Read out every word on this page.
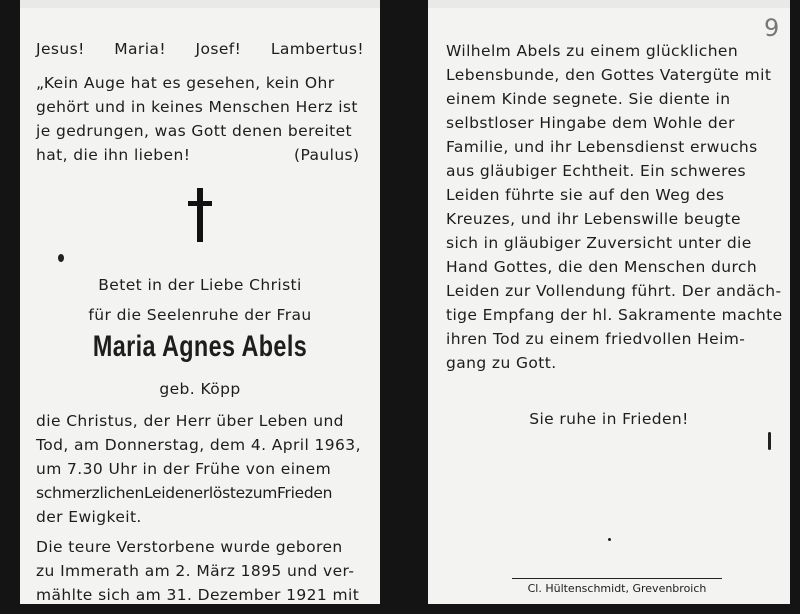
Jesus! Maria! Josef! Lambertus!
„Kein Auge hat es gesehen, kein Ohr
gehört und in keines Menschen Herz ist
je gedrungen, was Gott denen bereitet
hat, die ihn lieben!	(Paulus)
Betet in der Liebe Christi
für die Seelenruhe der Frau
Maria Agnes Abels
geb. Köpp
die Christus, der Herr über Leben und
Tod, am Donnerstag, dem 4. April 1963,
um 7.30 Uhr in der Frühe von einem
schmerzlichenLeidenerlöstezumFrieden
der Ewigkeit.
Die teure Verstorbene wurde geboren
zu Immerath am 2. März 1895 und ver-
mählte sich am 31. Dezember 1921 mit
9
Wilhelm Abels zu einem glücklichen
Lebensbunde, den Gottes Vatergüte mit
einem Kinde segnete. Sie diente in
selbstloser Hingabe dem Wohle der
Familie, und ihr Lebensdienst erwuchs
aus gläubiger Echtheit. Ein schweres
Leiden führte sie auf den Weg des
Kreuzes, und ihr Lebenswille beugte
sich in gläubiger Zuversicht unter die
Hand Gottes, die den Menschen durch
Leiden zur Vollendung führt. Der andäch-
tige Empfang der hl. Sakramente machte
ihren Tod zu einem friedvollen Heim-
gang zu Gott.
Sie ruhe in Frieden!
Cl. Hültenschmidt, Grevenbroich
